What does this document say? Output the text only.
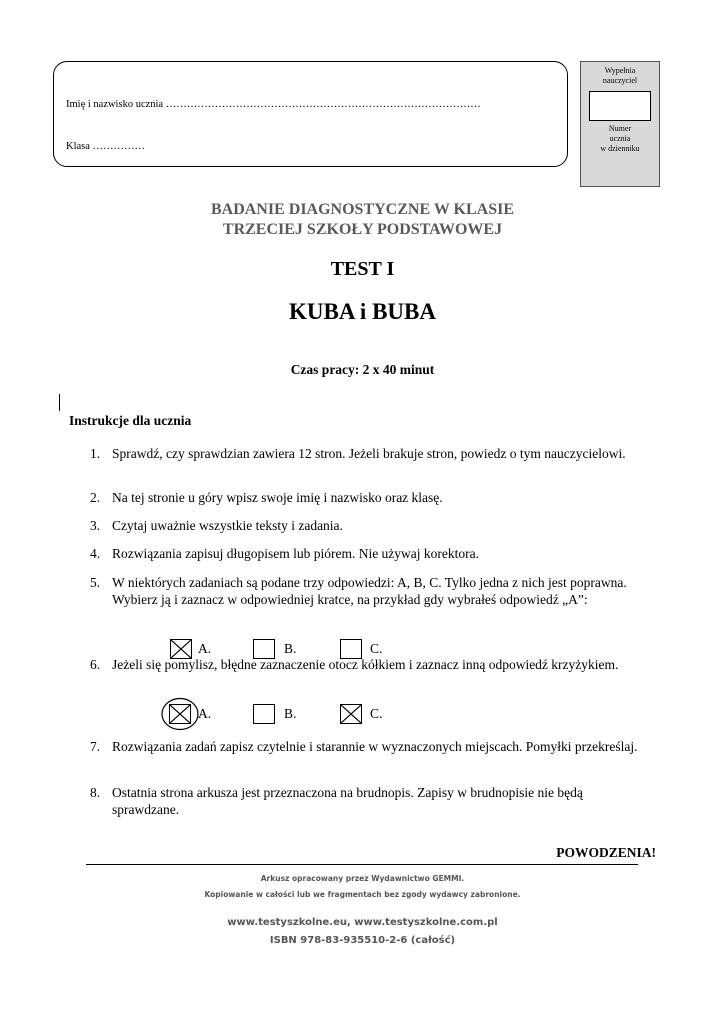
Imię i nazwisko ucznia ………………………………………………………………………………
Klasa ……………
Wypełnia
nauczyciel
Numer
ucznia
w dzienniku
BADANIE DIAGNOSTYCZNE W KLASIE
TRZECIEJ SZKOŁY PODSTAWOWEJ
TEST I
KUBA i BUBA
Czas pracy: 2 x 40 minut
Instrukcje dla ucznia
1. Sprawdź, czy sprawdzian zawiera 12 stron. Jeżeli brakuje stron, powiedz o tym nauczycielowi.
2. Na tej stronie u góry wpisz swoje imię i nazwisko oraz klasę.
3. Czytaj uważnie wszystkie teksty i zadania.
4. Rozwiązania zapisuj długopisem lub piórem. Nie używaj korektora.
5. W niektórych zadaniach są podane trzy odpowiedzi: A, B, C. Tylko jedna z nich jest poprawna. Wybierz ją i zaznacz w odpowiedniej kratce, na przykład gdy wybrałeś odpowiedź „A”:
A.	B.	C.
6. Jeżeli się pomylisz, błędne zaznaczenie otocz kółkiem i zaznacz inną odpowiedź krzyżykiem.
A.	B.	C.
7. Rozwiązania zadań zapisz czytelnie i starannie w wyznaczonych miejscach. Pomyłki przekreślaj.
8. Ostatnia strona arkusza jest przeznaczona na brudnopis. Zapisy w brudnopisie nie będą sprawdzane.
POWODZENIA!
Arkusz opracowany przez Wydawnictwo GEMMI.
Kopiowanie w całości lub we fragmentach bez zgody wydawcy zabronione.
www.testyszkolne.eu, www.testyszkolne.com.pl
ISBN 978-83-935510-2-6 (całość)
